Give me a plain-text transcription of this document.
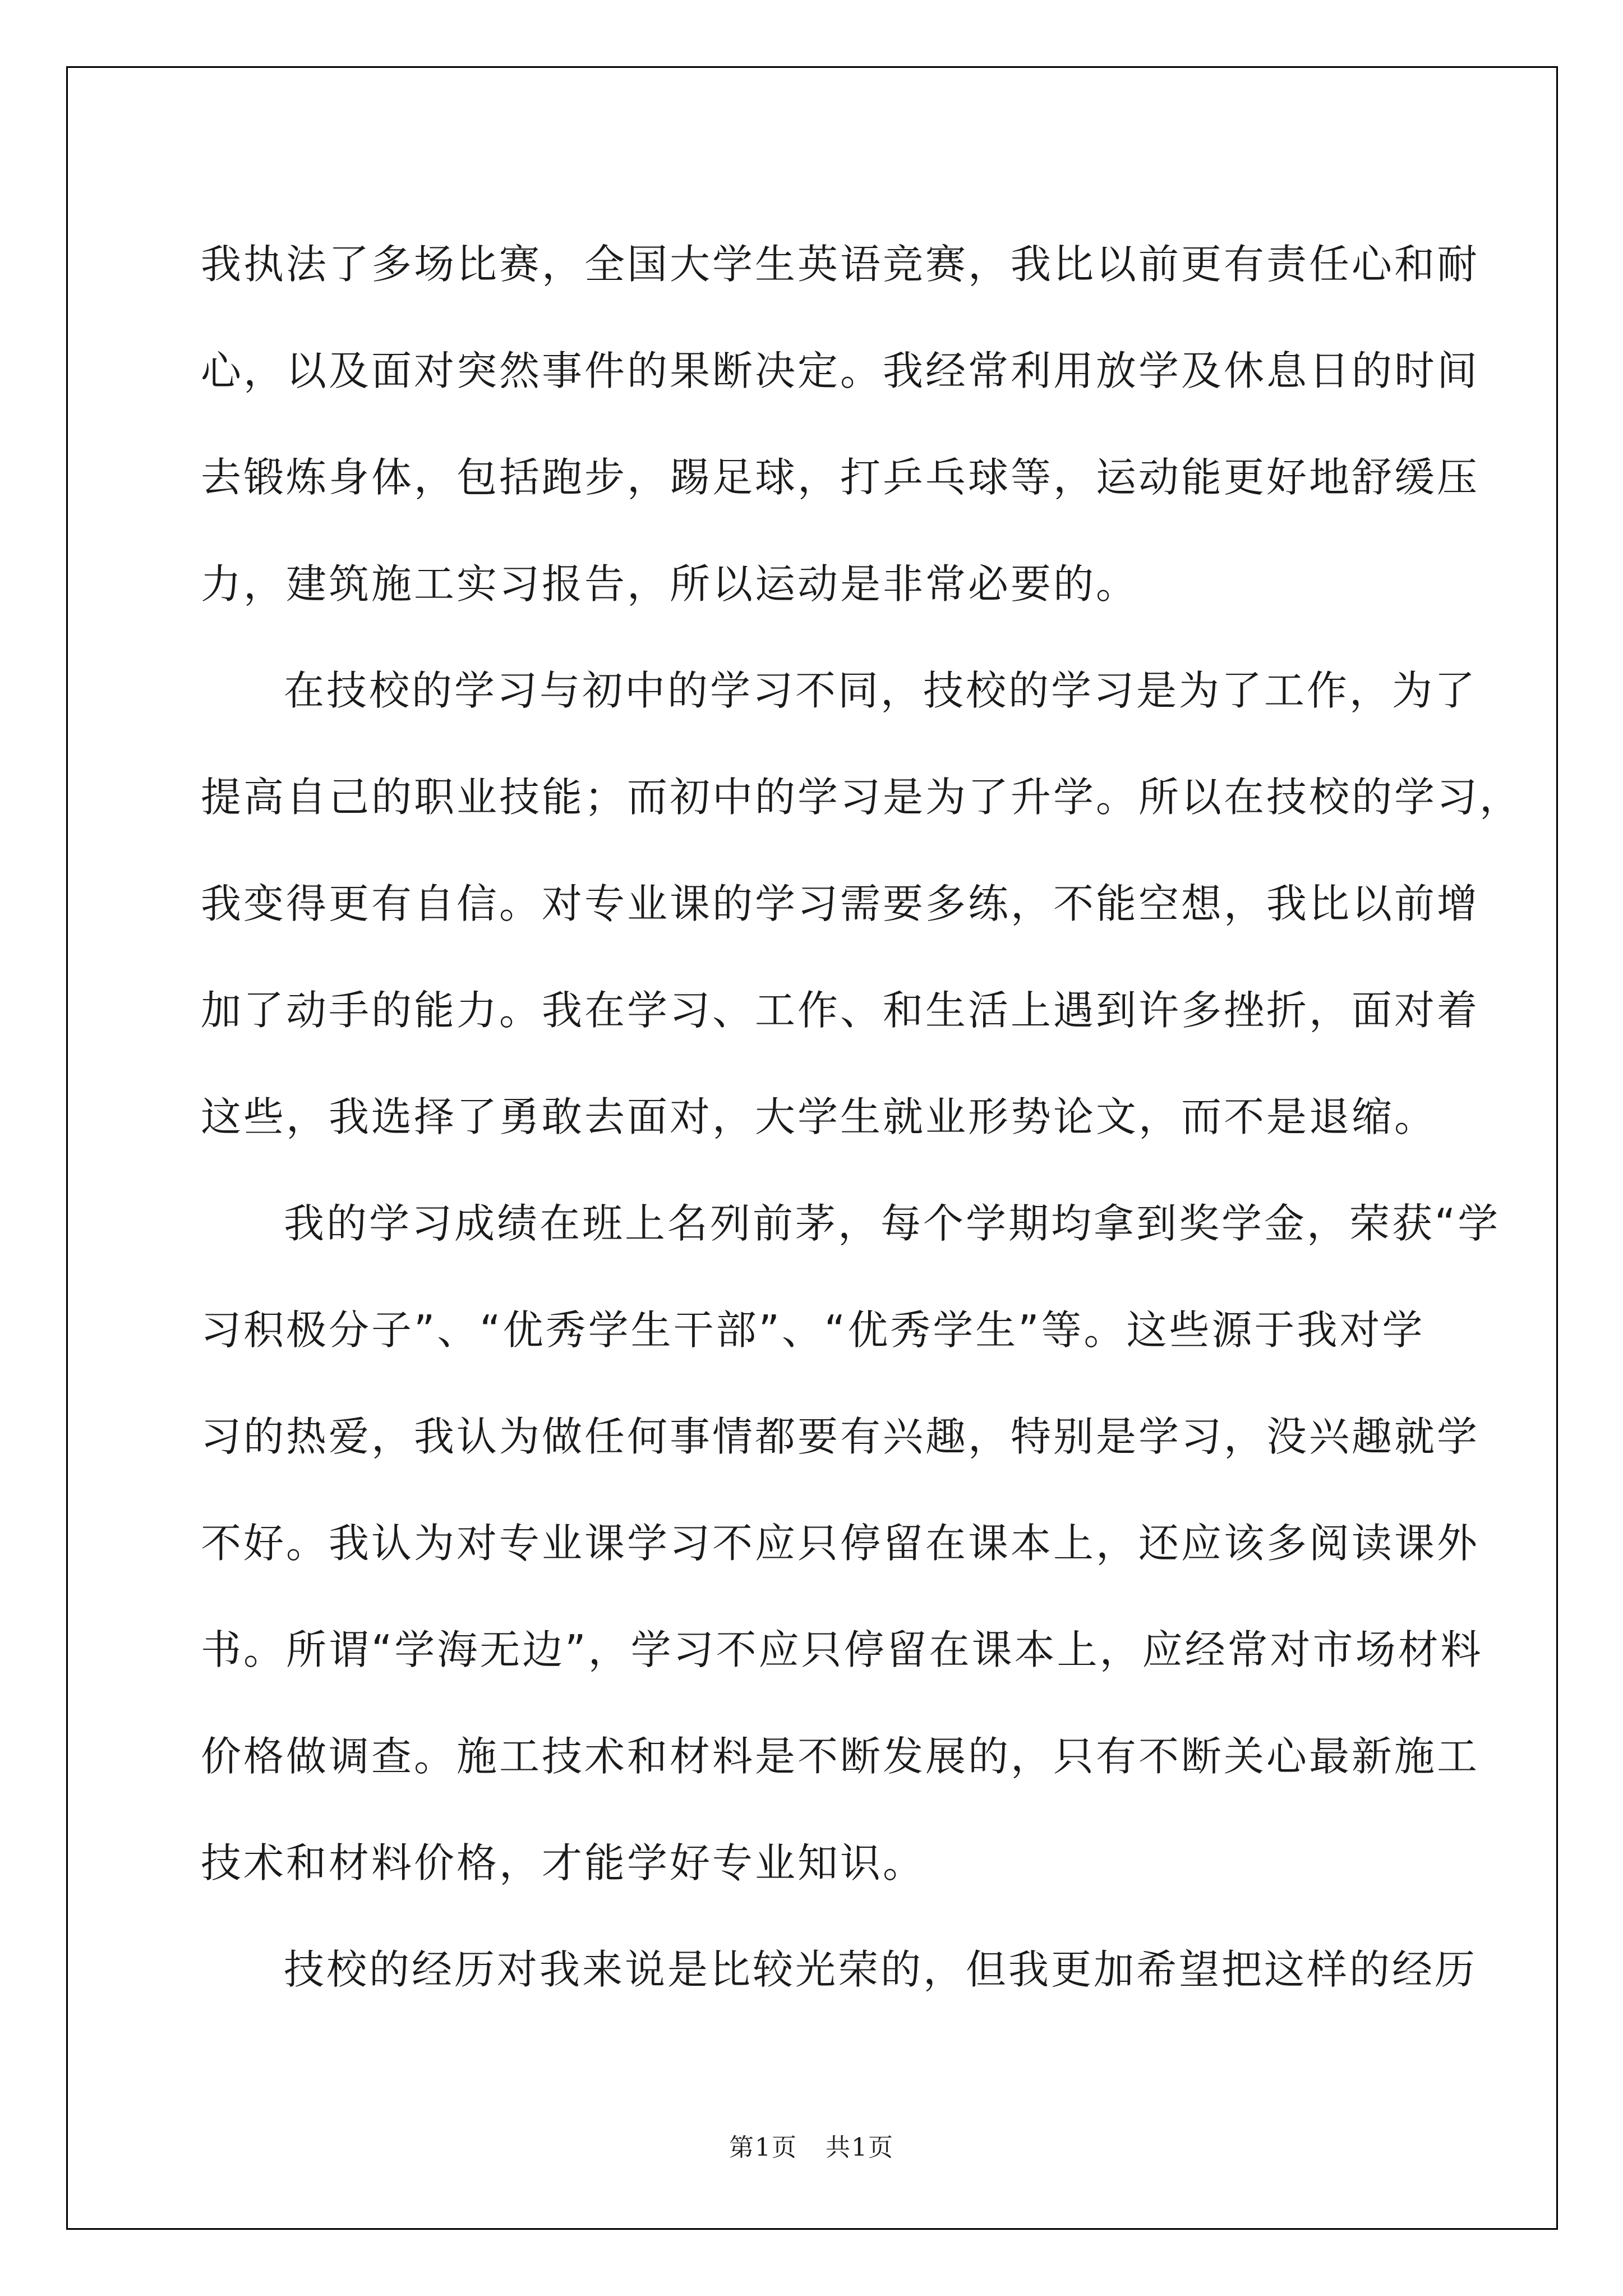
我执法了多场比赛，全国大学生英语竞赛，我比以前更有责任心和耐
心，以及面对突然事件的果断决定。我经常利用放学及休息日的时间
去锻炼身体，包括跑步，踢足球，打乒乓球等，运动能更好地舒缓压
力，建筑施工实习报告，所以运动是非常必要的。
在技校的学习与初中的学习不同，技校的学习是为了工作，为了
提高自己的职业技能；而初中的学习是为了升学。所以在技校的学习，
我变得更有自信。对专业课的学习需要多练，不能空想，我比以前增
加了动手的能力。我在学习、工作、和生活上遇到许多挫折，面对着
这些，我选择了勇敢去面对，大学生就业形势论文，而不是退缩。
我的学习成绩在班上名列前茅，每个学期均拿到奖学金，荣获“学
习积极分子”、“优秀学生干部”、“优秀学生”等。这些源于我对学
习的热爱，我认为做任何事情都要有兴趣，特别是学习，没兴趣就学
不好。我认为对专业课学习不应只停留在课本上，还应该多阅读课外
书。所谓“学海无边”，学习不应只停留在课本上，应经常对市场材料
价格做调查。施工技术和材料是不断发展的，只有不断关心最新施工
技术和材料价格，才能学好专业知识。
技校的经历对我来说是比较光荣的，但我更加希望把这样的经历
第1页 共1页
